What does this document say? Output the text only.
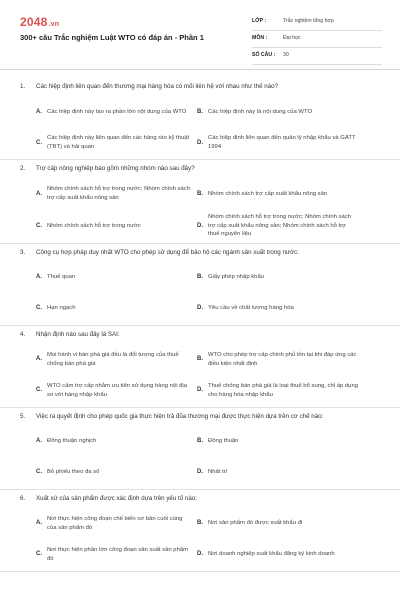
2048.vn
300+ câu Trắc nghiệm Luật WTO có đáp án - Phần 1
LỚP :	Trắc nghiệm tổng hợp
MÔN :	Đại học
SỐ CÂU : 30
1. Các hiệp định liên quan đến thương mại hàng hóa có mối liên hệ với nhau như thế nào?
A. Các hiệp định này tạo ra phần lớn nội dung của WTO	B. Các hiệp định này là nội dung của WTO
C.
Các hiệp định này liên quan đến các hàng rào kỹ thuật (TBT) và hải quan
D.
Các hiệp định liên quan đến quản lý nhập khẩu và GATT 1994
2. Trợ cấp nông nghiệp bao gồm những nhóm nào sau đây?
A.
Nhóm chính sách hỗ trợ trong nước; Nhóm chính sách trợ cấp xuất khẩu nông sản
B. Nhóm chính sách trợ cấp xuất khẩu nông sản
C. Nhóm chính sách hỗ trợ trong nước	D.
Nhóm chính sách hỗ trợ trong nước; Nhóm chính sách trợ cấp xuất khẩu nông sản; Nhóm chính sách hỗ trợ thuế nguyên liệu
3. Công cụ hợp pháp duy nhất WTO cho phép sử dụng để bảo hộ các ngành sản xuất trong nước:
A. Thuế quan	B. Giấy phép nhập khẩu
C. Hạn ngạch	D. Yêu cầu về chất lượng hàng hóa
4. Nhận định nào sau đây là SAI:
A.
Mọi hành vi bán phá giá đều là đối tượng của thuế chống bán phá giá
B.
WTO cho phép trợ cấp chính phủ tồn tại khi đáp ứng các điều kiện nhất định
C.
WTO cấm trợ cấp nhằm ưu tiên sử dụng hàng nội địa so với hàng nhập khẩu
D.
Thuế chống bán phá giá là loại thuế bổ sung, chỉ áp dụng cho hàng hóa nhập khẩu
5. Việc ra quyết định cho phép quốc gia thực hiện trả đũa thương mại được thực hiện dựa trên cơ chế nào:
A. Đồng thuận nghịch	B. Đồng thuận
C. Bỏ phiếu theo đa số	D. Nhất trí
6. Xuất xứ của sản phẩm được xác định dựa trên yếu tố nào:
A.
Nơi thực hiện công đoạn chế biến cơ bản cuối cùng của sản phẩm đó
B. Nơi sản phẩm đó được xuất khẩu đi
C.
Nơi thực hiện phần lớn công đoạn sản xuất sản phẩm đó
D. Nơi doanh nghiệp xuất khẩu đăng ký kinh doanh
